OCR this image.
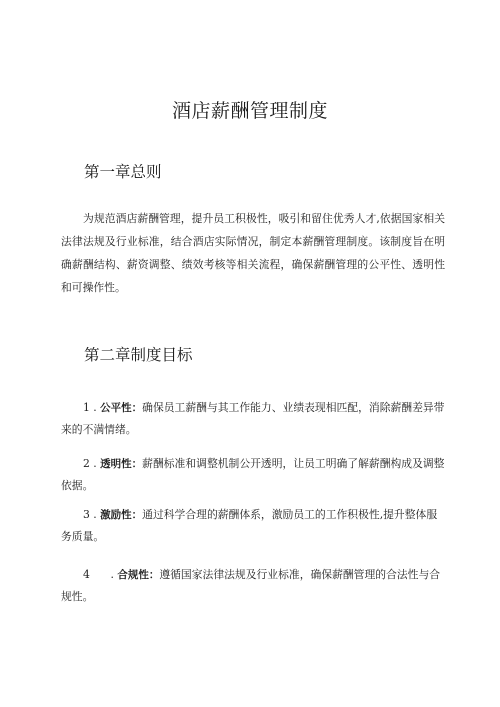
酒店薪酬管理制度
第一章总则

为规范酒店薪酬管理，提升员工积极性，吸引和留住优秀人才,依据国家相关法律法规及行业标准，结合酒店实际情况，制定本薪酬管理制度。该制度旨在明确薪酬结构、薪资调整、绩效考核等相关流程，确保薪酬管理的公平性、透明性和可操作性。

第二章制度目标

1 . 公平性：确保员工薪酬与其工作能力、业绩表现相匹配，消除薪酬差异带来的不满情绪。

2 . 透明性：薪酬标准和调整机制公开透明，让员工明确了解薪酬构成及调整依据。

3 . 激励性：通过科学合理的薪酬体系，激励员工的工作积极性,提升整体服务质量。

4      . 合规性：遵循国家法律法规及行业标准，确保薪酬管理的合法性与合规性。
